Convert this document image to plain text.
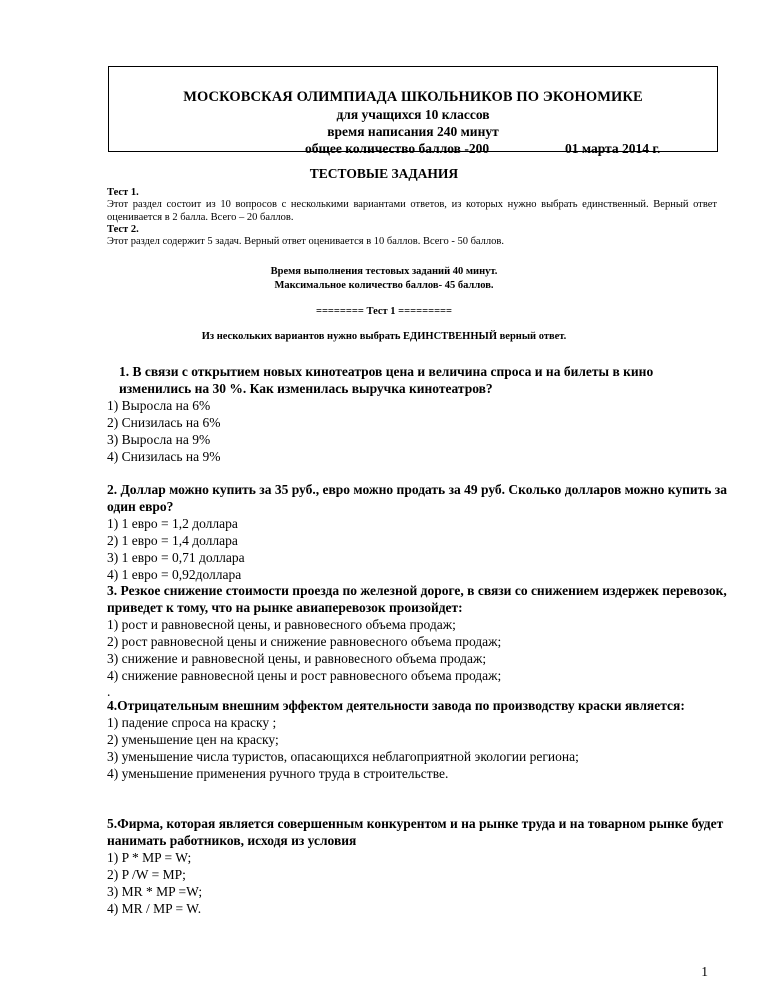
МОСКОВСКАЯ ОЛИМПИАДА ШКОЛЬНИКОВ ПО ЭКОНОМИКЕ
для учащихся 10 классов
время написания 240 минут
общее количество баллов -200	01 марта 2014 г.
ТЕСТОВЫЕ ЗАДАНИЯ
Тест 1.
Этот раздел состоит из 10 вопросов с несколькими вариантами ответов, из которых нужно выбрать единственный. Верный ответ оценивается в 2 балла. Всего – 20 баллов.
Тест 2.
Этот раздел содержит 5 задач. Верный ответ оценивается в 10 баллов. Всего - 50 баллов.
Время выполнения тестовых заданий 40 минут.
Максимальное количество баллов- 45 баллов.
======== Тест 1 =========
Из нескольких вариантов нужно выбрать ЕДИНСТВЕННЫЙ верный ответ.
1. В связи с открытием новых кинотеатров цена и величина спроса и на билеты в кино изменились на 30 %. Как изменилась выручка кинотеатров?
1) Выросла на 6%
2) Снизилась на 6%
3) Выросла на 9%
4) Снизилась на 9%
2. Доллар можно купить за 35 руб., евро можно продать за 49 руб. Сколько долларов можно купить за один евро?
1) 1 евро = 1,2 доллара
2) 1 евро = 1,4 доллара
3) 1 евро = 0,71 доллара
4) 1 евро = 0,92доллара
3. Резкое снижение стоимости проезда по железной дороге, в связи со снижением издержек перевозок, приведет к тому, что на рынке авиаперевозок произойдет:
1) рост и равновесной цены, и равновесного объема продаж;
2) рост равновесной цены и снижение равновесного объема продаж;
3) снижение и равновесной цены, и равновесного объема продаж;
4) снижение равновесной цены и рост равновесного объема продаж;
.
4.Отрицательным внешним эффектом деятельности завода по производству краски является:
1) падение спроса на краску ;
2) уменьшение цен на краску;
3) уменьшение числа туристов, опасающихся неблагоприятной экологии региона;
4) уменьшение применения ручного труда в строительстве.
5.Фирма, которая является совершенным конкурентом и на рынке труда и на товарном рынке будет нанимать работников, исходя из условия
1) P * MP = W;
2) P /W = MP;
3) MR * MP =W;
4) MR / MP = W.
1
